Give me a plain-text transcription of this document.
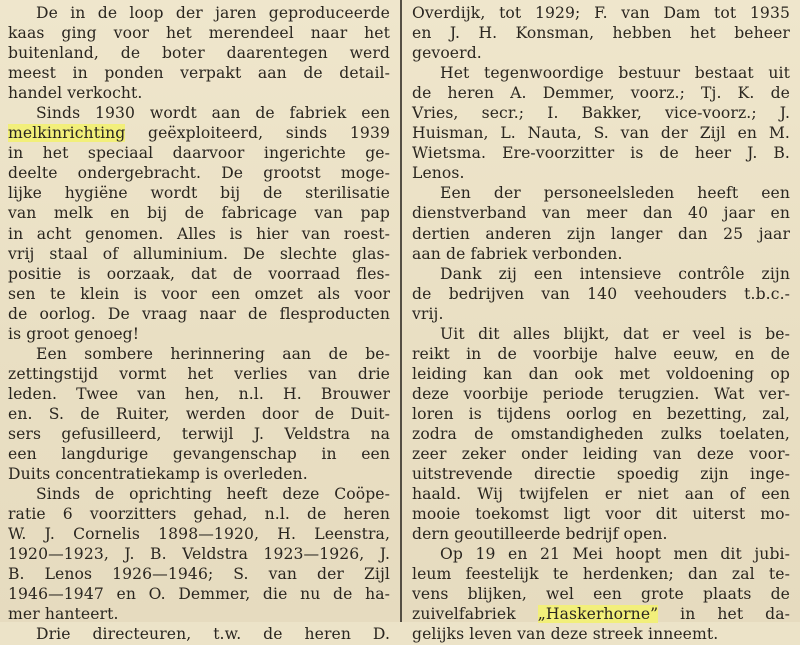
De in de loop der jaren geproduceerde
kaas ging voor het merendeel naar het
buitenland, de boter daarentegen werd
meest in ponden verpakt aan de detail-
handel verkocht.
Sinds 1930 wordt aan de fabriek een
melkinrichting geëxploiteerd, sinds 1939
in het speciaal daarvoor ingerichte ge-
deelte ondergebracht. De grootst moge-
lijke hygiëne wordt bij de sterilisatie
van melk en bij de fabricage van pap
in acht genomen. Alles is hier van roest-
vrij staal of alluminium. De slechte glas-
positie is oorzaak, dat de voorraad fles-
sen te klein is voor een omzet als voor
de oorlog. De vraag naar de flesproducten
is groot genoeg!
Een sombere herinnering aan de be-
zettingstijd vormt het verlies van drie
leden. Twee van hen, n.l. H. Brouwer
en. S. de Ruiter, werden door de Duit-
sers gefusilleerd, terwijl J. Veldstra na
een langdurige gevangenschap in een
Duits concentratiekamp is overleden.
Sinds de oprichting heeft deze Coöpe-
ratie 6 voorzitters gehad, n.l. de heren
W. J. Cornelis 1898—1920, H. Leenstra,
1920—1923, J. B. Veldstra 1923—1926, J.
B. Lenos 1926—1946; S. van der Zijl
1946—1947 en O. Demmer, die nu de ha-
mer hanteert.
Drie directeuren, t.w. de heren D.
Overdijk, tot 1929; F. van Dam tot 1935
en J. H. Konsman, hebben het beheer
gevoerd.
Het tegenwoordige bestuur bestaat uit
de heren A. Demmer, voorz.; Tj. K. de
Vries, secr.; I. Bakker, vice-voorz.; J.
Huisman, L. Nauta, S. van der Zijl en M.
Wietsma. Ere-voorzitter is de heer J. B.
Lenos.
Een der personeelsleden heeft een
dienstverband van meer dan 40 jaar en
dertien anderen zijn langer dan 25 jaar
aan de fabriek verbonden.
Dank zij een intensieve contrôle zijn
de bedrijven van 140 veehouders t.b.c.-
vrij.
Uit dit alles blijkt, dat er veel is be-
reikt in de voorbije halve eeuw, en de
leiding kan dan ook met voldoening op
deze voorbije periode terugzien. Wat ver-
loren is tijdens oorlog en bezetting, zal,
zodra de omstandigheden zulks toelaten,
zeer zeker onder leiding van deze voor-
uitstrevende directie spoedig zijn inge-
haald. Wij twijfelen er niet aan of een
mooie toekomst ligt voor dit uiterst mo-
dern geoutilleerde bedrijf open.
Op 19 en 21 Mei hoopt men dit jubi-
leum feestelijk te herdenken; dan zal te-
vens blijken, wel een grote plaats de
zuivelfabriek „Haskerhorne” in het da-
gelijks leven van deze streek inneemt.
